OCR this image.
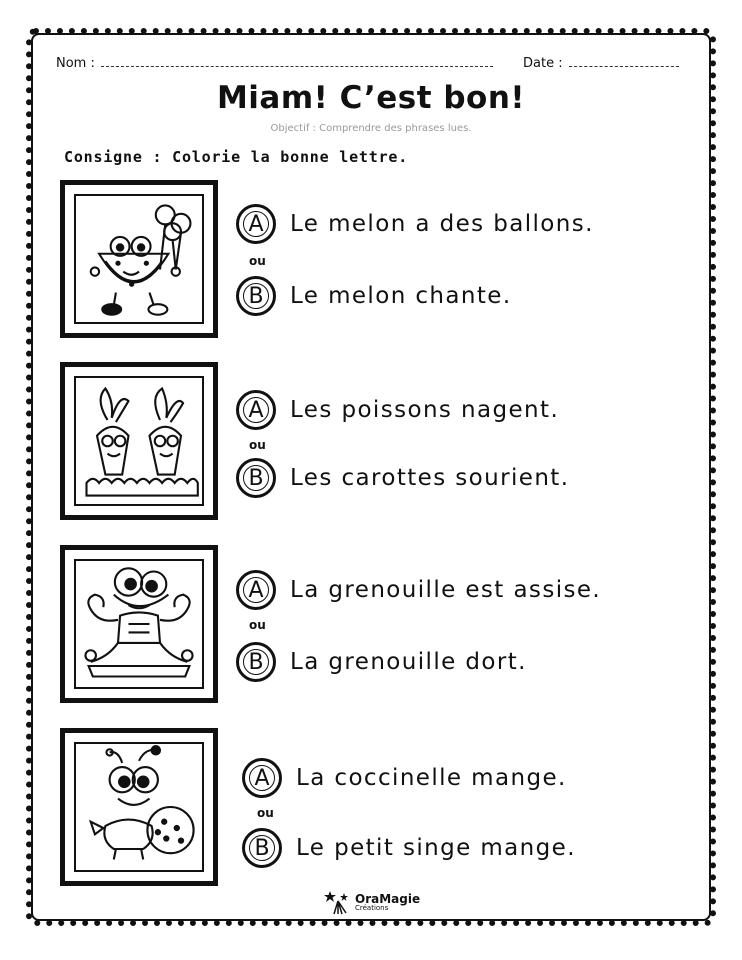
Nom :	Date :
Miam! C’est bon!
Objectif : Comprendre des phrases lues.
Consigne : Colorie la bonne lettre.
A	Le melon a des ballons.
ou
B	Le melon chante.
A	Les poissons nagent.
ou
B	Les carottes sourient.
A	La grenouille est assise.
ou
B	La grenouille dort.
A	La coccinelle mange.
ou
B	Le petit singe mange.
OraMagie
Créations
